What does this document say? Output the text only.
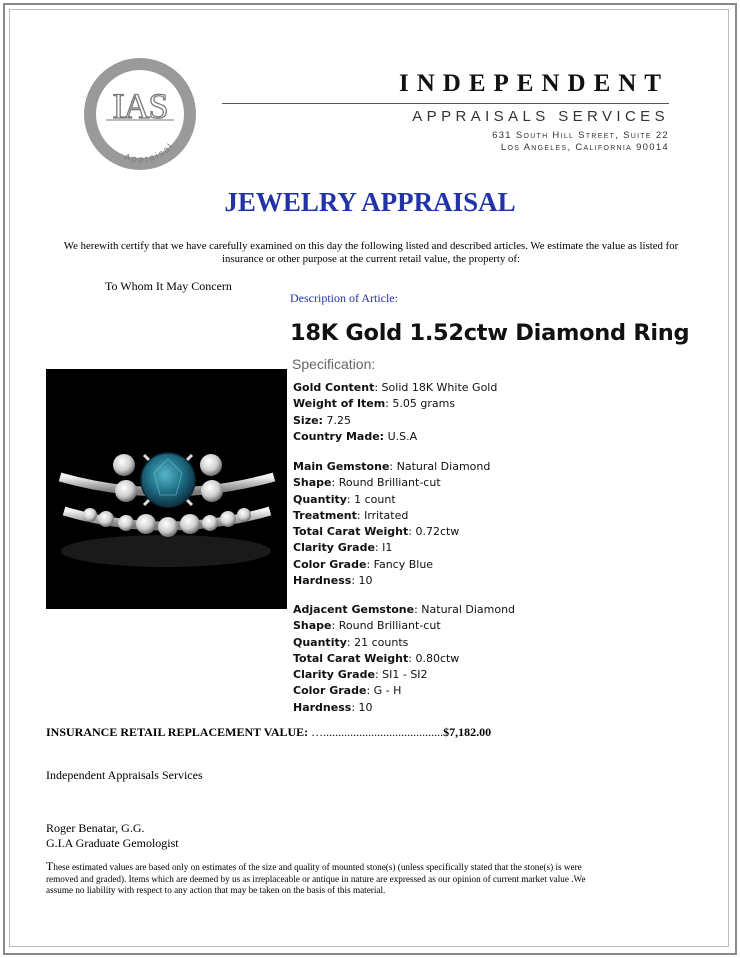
IAS
Appraisal
INDEPENDENT
APPRAISALS SERVICES
631 South Hill Street, Suite 22
Los Angeles, California 90014
JEWELRY APPRAISAL
We herewith certify that we have carefully examined on this day the following listed and described articles. We estimate the value as listed for insurance or other purpose at the current retail value, the property of:
To Whom It May Concern
Description of Article:
18K Gold 1.52ctw Diamond Ring
Specification:
Gold Content: Solid 18K White Gold
Weight of Item: 5.05 grams
Size: 7.25
Country Made: U.S.A
Main Gemstone: Natural Diamond
Shape: Round Brilliant-cut
Quantity: 1 count
Treatment: Irritated
Total Carat Weight: 0.72ctw
Clarity Grade: I1
Color Grade: Fancy Blue
Hardness: 10
Adjacent Gemstone: Natural Diamond
Shape: Round Brilliant-cut
Quantity: 21 counts
Total Carat Weight: 0.80ctw
Clarity Grade: SI1 - SI2
Color Grade: G - H
Hardness: 10
INSURANCE RETAIL REPLACEMENT VALUE: …........................................$7,182.00
Independent Appraisals Services
Roger Benatar, G.G.
G.I.A Graduate Gemologist
These estimated values are based only on estimates of the size and quality of mounted stone(s) (unless specifically stated that the stone(s) is were removed and graded). Items which are deemed by us as irreplaceable or antique in nature are expressed as our opinion of current market value .We assume no liability with respect to any action that may be taken on the basis of this material.
